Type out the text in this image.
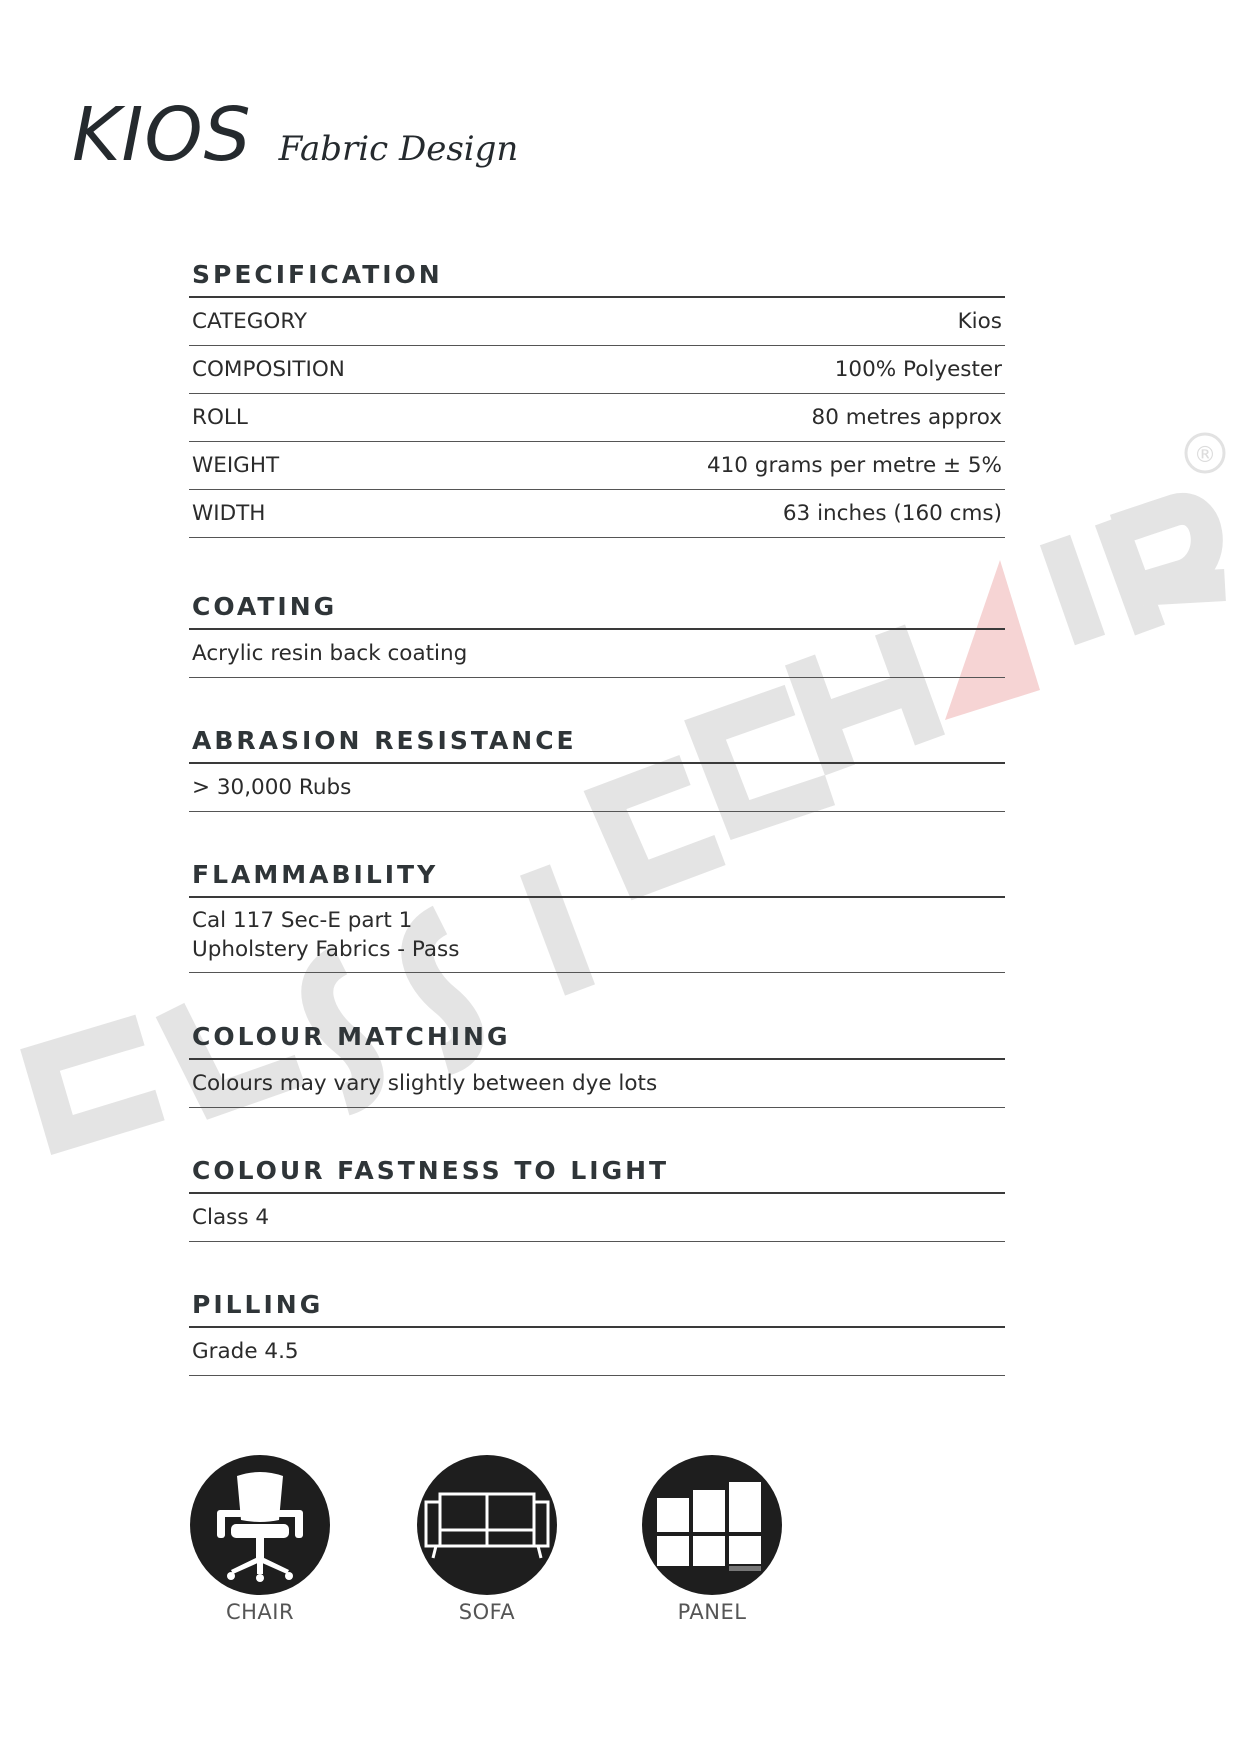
®
KIOS Fabric Design
SPECIFICATION
CATEGORY	Kios
COMPOSITION	100% Polyester
ROLL	80 metres approx
WEIGHT	410 grams per metre ± 5%
WIDTH	63 inches (160 cms)
COATING
Acrylic resin back coating
ABRASION RESISTANCE
> 30,000 Rubs
FLAMMABILITY
Cal 117 Sec-E part 1
Upholstery Fabrics - Pass
COLOUR MATCHING
Colours may vary slightly between dye lots
COLOUR FASTNESS TO LIGHT
Class 4
PILLING
Grade 4.5
CHAIR	SOFA	PANEL
